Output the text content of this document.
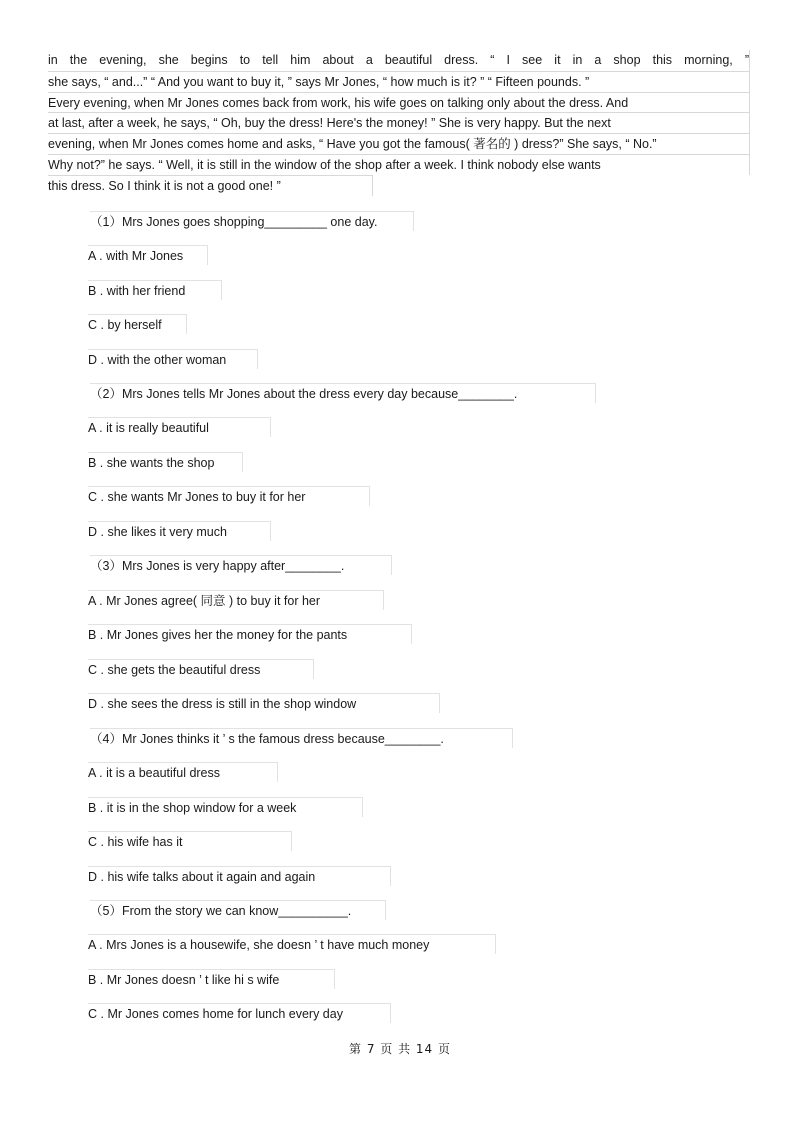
in the evening, she begins to tell him about a beautiful dress. “ I see it in a shop this morning, ”
she says, “ and...” “ And you want to buy it, ” says Mr Jones, “ how much is it? ” “ Fifteen pounds. ”
Every evening, when Mr Jones comes back from work, his wife goes on talking only about the dress. And
at last, after a week, he says, “ Oh, buy the dress! Here's the money! ” She is very happy. But the next
evening, when Mr Jones comes home and asks, “ Have you got the famous( 著名的 ) dress?” She says, “ No.”
Why not?” he says. “ Well, it is still in the window of the shop after a week. I think nobody else wants
this dress. So I think it is not a good one! ”
（1）Mrs Jones goes shopping_________ one day.
A . with Mr Jones
B . with her friend
C . by herself
D . with the other woman
（2）Mrs Jones tells Mr Jones about the dress every day because________.
A . it is really beautiful
B . she wants the shop
C . she wants Mr Jones to buy it for her
D . she likes it very much
（3）Mrs Jones is very happy after________.
A . Mr Jones agree( 同意 ) to buy it for her
B . Mr Jones gives her the money for the pants
C . she gets the beautiful dress
D . she sees the dress is still in the shop window
（4）Mr Jones thinks it ’ s the famous dress because________.
A . it is a beautiful dress
B . it is in the shop window for a week
C . his wife has it
D . his wife talks about it again and again
（5）From the story we can know__________.
A . Mrs Jones is a housewife, she doesn ’ t have much money
B . Mr Jones doesn ’ t like hi s wife
C . Mr Jones comes home for lunch every day
第 7 页 共 14 页
